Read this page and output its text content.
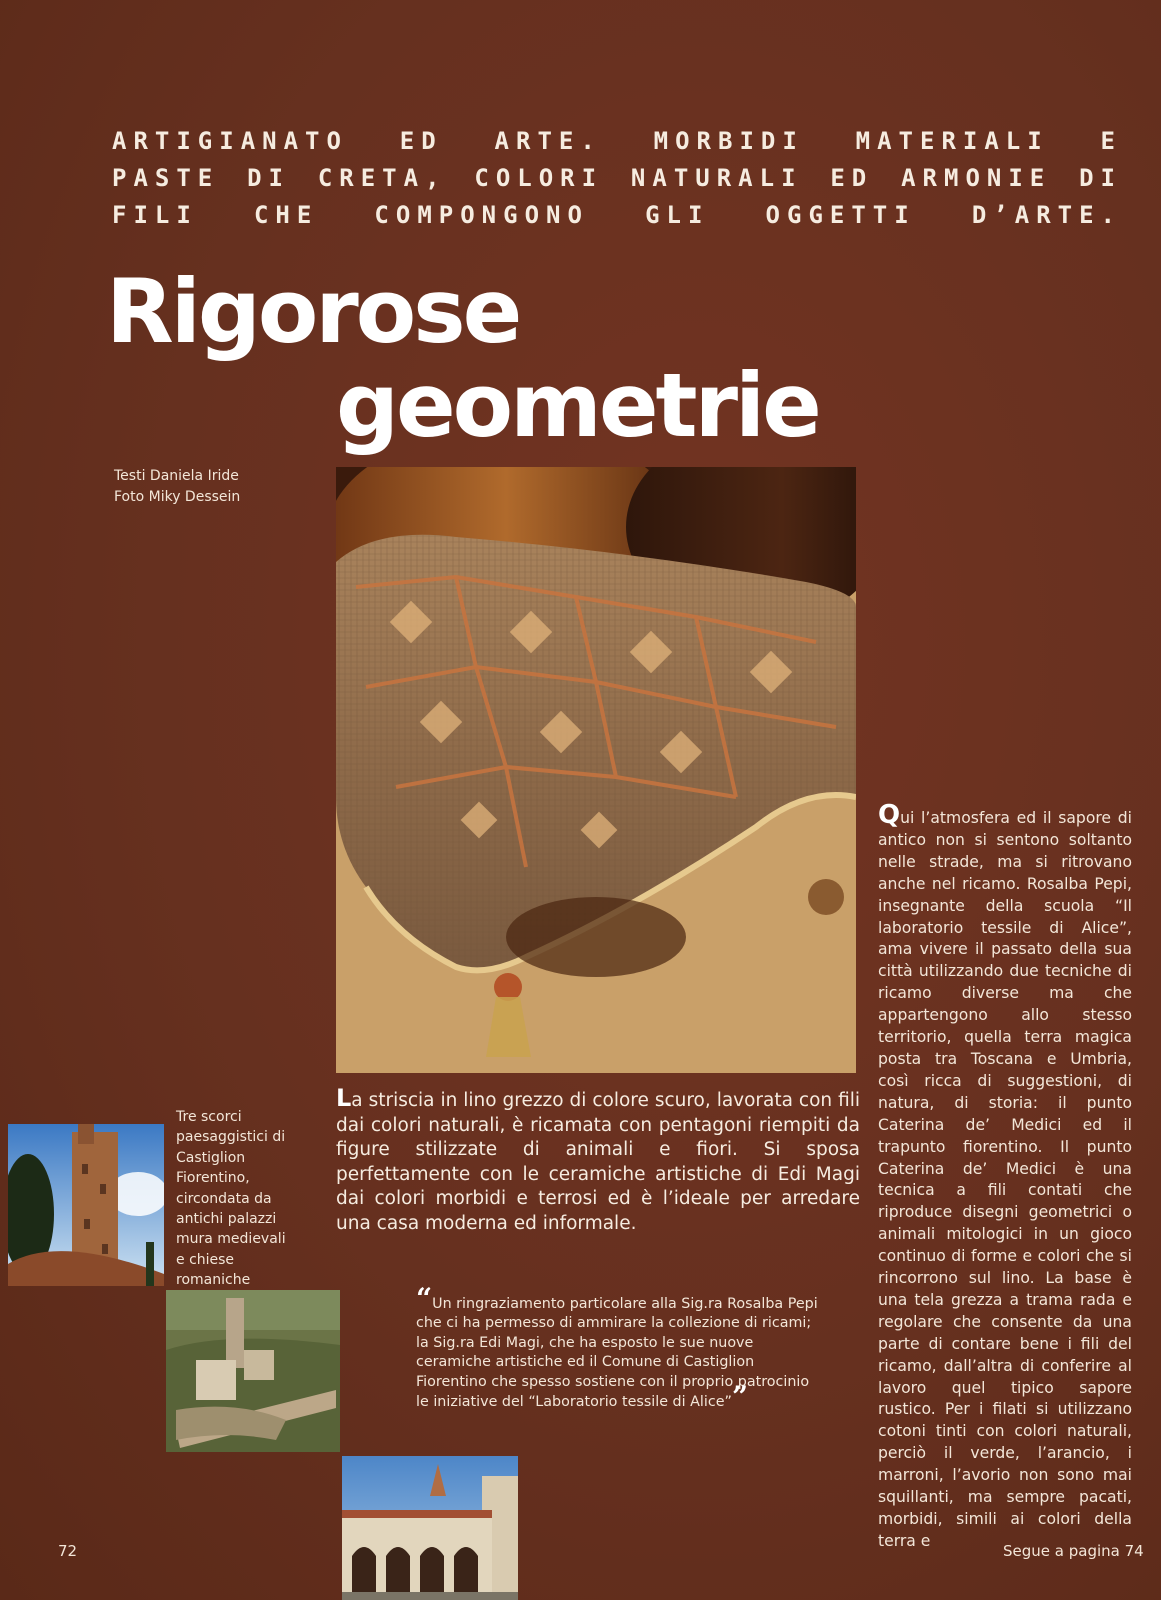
ARTIGIANATO ED ARTE. MORBIDI MATERIALI E
PASTE DI CRETA, COLORI NATURALI ED ARMONIE DI
FILI CHE COMPONGONO GLI OGGETTI D’ARTE.
Rigorose
geometrie
Testi Daniela Iride
Foto Miky Dessein
Qui l’atmosfera ed il sapore di antico non si sentono soltanto nelle strade, ma si ritrovano anche nel ricamo. Rosalba Pepi, insegnante della scuola “Il laboratorio tessile di Alice”, ama vivere il passato della sua città utilizzando due tecniche di ricamo diverse ma che appartengono allo stesso territorio, quella terra magica posta tra Toscana e Umbria, così ricca di suggestioni, di natura, di storia: il punto Caterina de’ Medici ed il trapunto fiorentino. Il punto Caterina de’ Medici è una tecnica a fili contati che riproduce disegni geometrici o animali mitologici in un gioco continuo di forme e colori che si rincorrono sul lino. La base è una tela grezza a trama rada e regolare che consente da una parte di contare bene i fili del ricamo, dall’altra di conferire al lavoro quel tipico sapore rustico. Per i filati si utilizzano cotoni tinti con colori naturali, perciò il verde, l’arancio, i marroni, l’avorio non sono mai squillanti, ma sempre pacati, morbidi, simili ai colori della terra e
La striscia in lino grezzo di colore scuro, lavorata con fili dai colori naturali, è ricamata con pentagoni riempiti da figure stilizzate di animali e fiori. Si sposa perfettamente con le ceramiche artistiche di Edi Magi dai colori morbidi e terrosi ed è l’ideale per arredare una casa moderna ed informale.
Tre scorci paesaggistici di Castiglion Fiorentino, circondata da antichi palazzi mura medievali e chiese romaniche
“Un ringraziamento particolare alla Sig.ra Rosalba Pepi che ci ha permesso di ammirare la collezione di ricami; la Sig.ra Edi Magi, che ha esposto le sue nuove ceramiche artistiche ed il Comune di Castiglion Fiorentino che spesso sostiene con il proprio patrocinio le iniziative del “Laboratorio tessile di Alice””
72	Segue a pagina 74
